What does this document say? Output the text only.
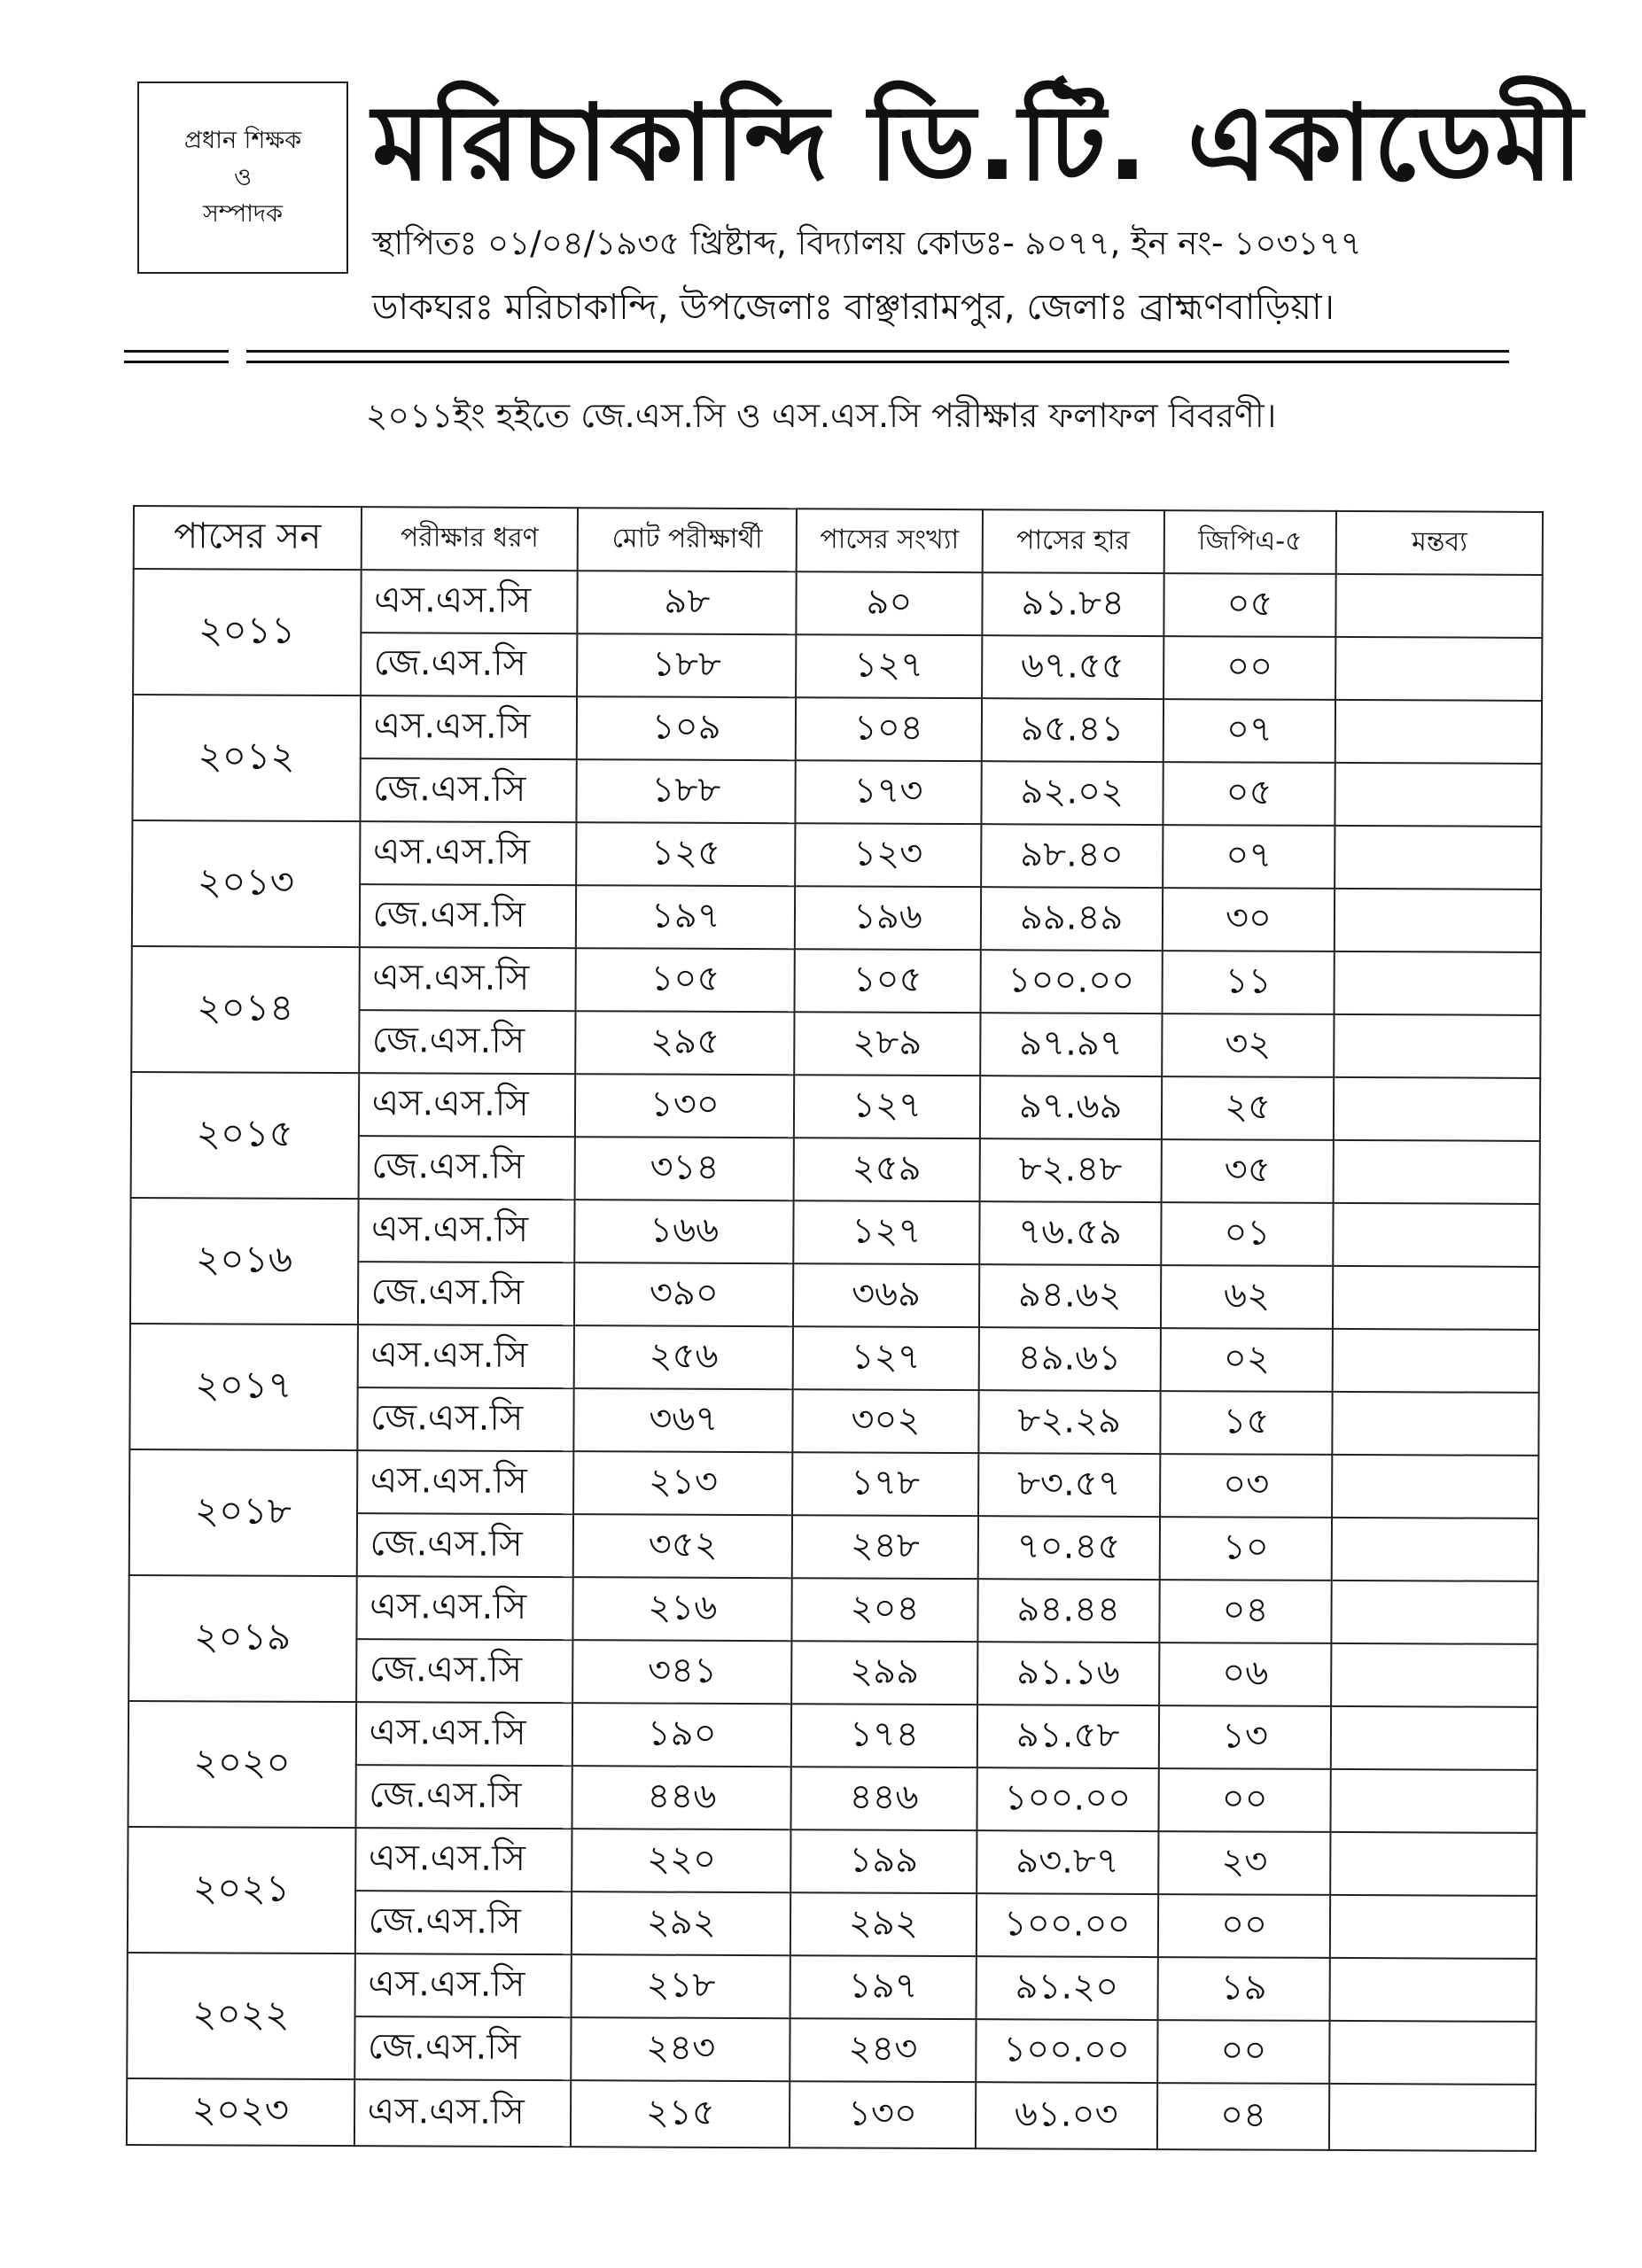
প্রধান শিক্ষক
ও
সম্পাদক
মরিচাকান্দি ডি.টি. একাডেমী
স্থাপিতঃ ০১/০৪/১৯৩৫ খ্রিষ্টাব্দ, বিদ্যালয় কোডঃ- ৯০৭৭, ইন নং- ১০৩১৭৭
ডাকঘরঃ মরিচাকান্দি, উপজেলাঃ বাঞ্ছারামপুর, জেলাঃ ব্রাহ্মণবাড়িয়া।
২০১১ইং হইতে জে.এস.সি ও এস.এস.সি পরীক্ষার ফলাফল বিবরণী।
পাসের সন	পরীক্ষার ধরণ	মোট পরীক্ষার্থী	পাসের সংখ্যা	পাসের হার	জিপিএ-৫	মন্তব্য
২০১১	এস.এস.সি	৯৮	৯০	৯১.৮৪	০৫	
	জে.এস.সি	১৮৮	১২৭	৬৭.৫৫	০০	
২০১২	এস.এস.সি	১০৯	১০৪	৯৫.৪১	০৭	
	জে.এস.সি	১৮৮	১৭৩	৯২.০২	০৫	
২০১৩	এস.এস.সি	১২৫	১২৩	৯৮.৪০	০৭	
	জে.এস.সি	১৯৭	১৯৬	৯৯.৪৯	৩০	
২০১৪	এস.এস.সি	১০৫	১০৫	১০০.০০	১১	
	জে.এস.সি	২৯৫	২৮৯	৯৭.৯৭	৩২	
২০১৫	এস.এস.সি	১৩০	১২৭	৯৭.৬৯	২৫	
	জে.এস.সি	৩১৪	২৫৯	৮২.৪৮	৩৫	
২০১৬	এস.এস.সি	১৬৬	১২৭	৭৬.৫৯	০১	
	জে.এস.সি	৩৯০	৩৬৯	৯৪.৬২	৬২	
২০১৭	এস.এস.সি	২৫৬	১২৭	৪৯.৬১	০২	
	জে.এস.সি	৩৬৭	৩০২	৮২.২৯	১৫	
২০১৮	এস.এস.সি	২১৩	১৭৮	৮৩.৫৭	০৩	
	জে.এস.সি	৩৫২	২৪৮	৭০.৪৫	১০	
২০১৯	এস.এস.সি	২১৬	২০৪	৯৪.৪৪	০৪	
	জে.এস.সি	৩৪১	২৯৯	৯১.১৬	০৬	
২০২০	এস.এস.সি	১৯০	১৭৪	৯১.৫৮	১৩	
	জে.এস.সি	৪৪৬	৪৪৬	১০০.০০	০০	
২০২১	এস.এস.সি	২২০	১৯৯	৯৩.৮৭	২৩	
	জে.এস.সি	২৯২	২৯২	১০০.০০	০০	
২০২২	এস.এস.সি	২১৮	১৯৭	৯১.২০	১৯	
	জে.এস.সি	২৪৩	২৪৩	১০০.০০	০০	
২০২৩	এস.এস.সি	২১৫	১৩০	৬১.০৩	০৪	
